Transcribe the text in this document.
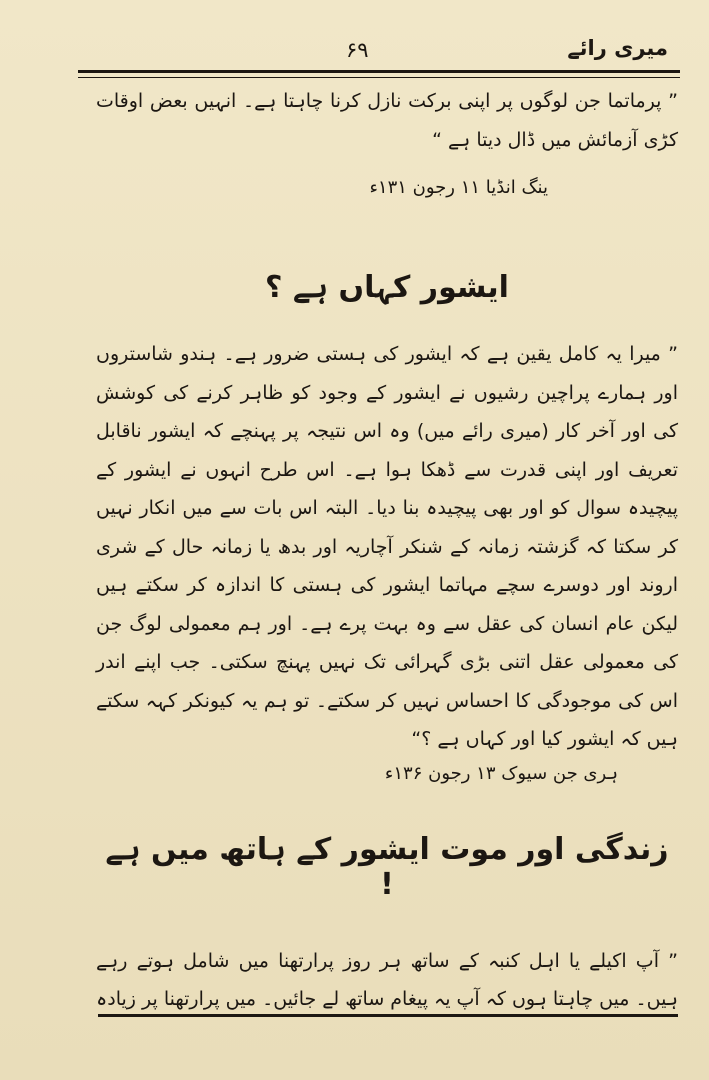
۶۹	میری رائے

” پرماتما جن لوگوں پر اپنی برکت نازل کرنا چاہتا ہے۔ انہیں بعض اوقات کڑی آزمائش میں ڈال دیتا ہے “

ینگ انڈیا ۱۱ رجون ۱۳۱ء

ایشور کہاں ہے ؟

” میرا یہ کامل یقین ہے کہ ایشور کی ہستی ضرور ہے۔ ہندو شاستروں اور ہمارے پراچین رشیوں نے ایشور کے وجود کو ظاہر کرنے کی کوشش کی اور آخر کار (میری رائے میں) وہ اس نتیجہ پر پہنچے کہ ایشور ناقابل تعریف اور اپنی قدرت سے ڈھکا ہوا ہے۔ اس طرح انہوں نے ایشور کے پیچیدہ سوال کو اور بھی پیچیدہ بنا دیا۔ البتہ اس بات سے میں انکار نہیں کر سکتا کہ گزشتہ زمانہ کے شنکر آچاریہ اور بدھ یا زمانہ حال کے شری اروند اور دوسرے سچے مہاتما ایشور کی ہستی کا اندازہ کر سکتے ہیں لیکن عام انسان کی عقل سے وہ بہت پرے ہے۔ اور ہم معمولی لوگ جن کی معمولی عقل اتنی بڑی گہرائی تک نہیں پہنچ سکتی۔ جب اپنے اندر اس کی موجودگی کا احساس نہیں کر سکتے۔ تو ہم یہ کیونکر کہہ سکتے ہیں کہ ایشور کیا اور کہاں ہے ؟“

ہری جن سیوک ۱۳ رجون ۱۳۶ء

زندگی اور موت ایشور کے ہاتھ میں ہے !

” آپ اکیلے یا اہل کنبہ کے ساتھ ہر روز پرارتھنا میں شامل ہوتے رہے ہیں۔ میں چاہتا ہوں کہ آپ یہ پیغام ساتھ لے جائیں۔ میں پرارتھنا پر زیادہ
